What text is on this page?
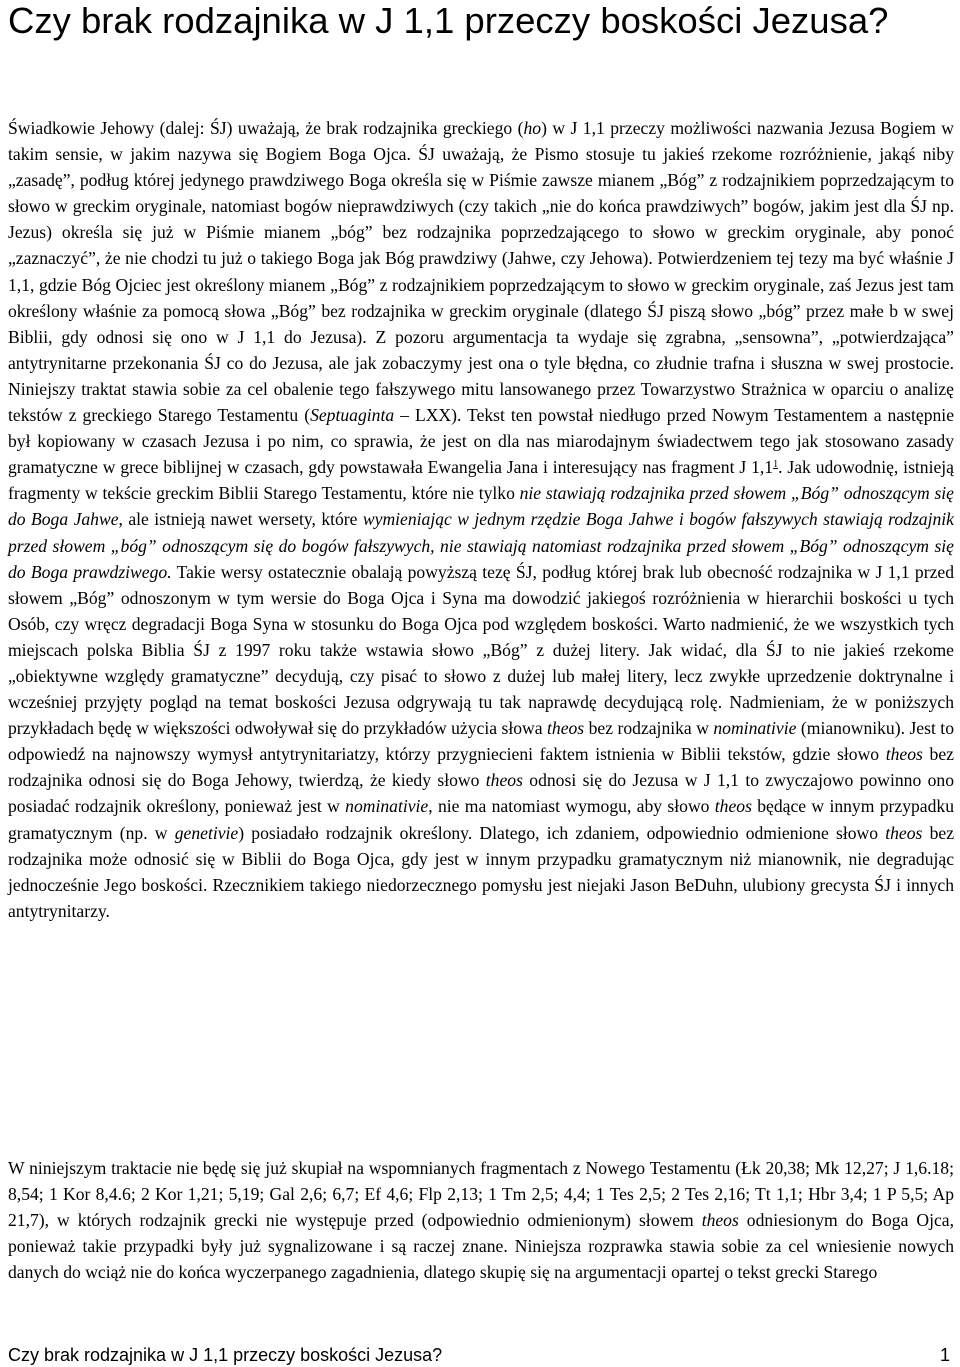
Czy brak rodzajnika w J 1,1 przeczy boskości Jezusa?

Świadkowie Jehowy (dalej: ŚJ) uważają, że brak rodzajnika greckiego (ho) w J 1,1 przeczy możliwości nazwania Jezusa Bogiem w takim sensie, w jakim nazywa się Bogiem Boga Ojca. ŚJ uważają, że Pismo stosuje tu jakieś rzekome rozróżnienie, jakąś niby „zasadę”, podług której jedynego prawdziwego Boga określa się w Piśmie zawsze mianem „Bóg” z rodzajnikiem poprzedzającym to słowo w greckim oryginale, natomiast bogów nieprawdziwych (czy takich „nie do końca prawdziwych” bogów, jakim jest dla ŚJ np. Jezus) określa się już w Piśmie mianem „bóg” bez rodzajnika poprzedzającego to słowo w greckim oryginale, aby ponoć „zaznaczyć”, że nie chodzi tu już o takiego Boga jak Bóg prawdziwy (Jahwe, czy Jehowa). Potwierdzeniem tej tezy ma być właśnie J 1,1, gdzie Bóg Ojciec jest określony mianem „Bóg” z rodzajnikiem poprzedzającym to słowo w greckim oryginale, zaś Jezus jest tam określony właśnie za pomocą słowa „Bóg” bez rodzajnika w greckim oryginale (dlatego ŚJ piszą słowo „bóg” przez małe b w swej Biblii, gdy odnosi się ono w J 1,1 do Jezusa). Z pozoru argumentacja ta wydaje się zgrabna, „sensowna”, „potwierdzająca” antytrynitarne przekonania ŚJ co do Jezusa, ale jak zobaczymy jest ona o tyle błędna, co złudnie trafna i słuszna w swej prostocie. Niniejszy traktat stawia sobie za cel obalenie tego fałszywego mitu lansowanego przez Towarzystwo Strażnica w oparciu o analizę tekstów z greckiego Starego Testamentu (Septuaginta – LXX). Tekst ten powstał niedługo przed Nowym Testamentem a następnie był kopiowany w czasach Jezusa i po nim, co sprawia, że jest on dla nas miarodajnym świadectwem tego jak stosowano zasady gramatyczne w grece biblijnej w czasach, gdy powstawała Ewangelia Jana i interesujący nas fragment J $1,1^1$. Jak udowodnię, istnieją fragmenty w tekście greckim Biblii Starego Testamentu, które nie tylko nie stawiają rodzajnika przed słowem „Bóg” odnoszącym się do Boga Jahwe, ale istnieją nawet wersety, które wymieniając w jednym rzędzie Boga Jahwe i bogów fałszywych stawiają rodzajnik przed słowem „bóg” odnoszącym się do bogów fałszywych, nie stawiają natomiast rodzajnika przed słowem „Bóg” odnoszącym się do Boga prawdziwego. Takie wersy ostatecznie obalają powyższą tezę ŚJ, podług której brak lub obecność rodzajnika w J 1,1 przed słowem „Bóg” odnoszonym w tym wersie do Boga Ojca i Syna ma dowodzić jakiegoś rozróżnienia w hierarchii boskości u tych Osób, czy wręcz degradacji Boga Syna w stosunku do Boga Ojca pod względem boskości. Warto nadmienić, że we wszystkich tych miejscach polska Biblia ŚJ z 1997 roku także wstawia słowo „Bóg” z dużej litery. Jak widać, dla ŚJ to nie jakieś rzekome „obiektywne względy gramatyczne” decydują, czy pisać to słowo z dużej lub małej litery, lecz zwykłe uprzedzenie doktrynalne i wcześniej przyjęty pogląd na temat boskości Jezusa odgrywają tu tak naprawdę decydującą rolę. Nadmieniam, że w poniższych przykładach będę w większości odwoływał się do przykładów użycia słowa theos bez rodzajnika w nominativie (mianowniku). Jest to odpowiedź na najnowszy wymysł antytrynitariatzy, którzy przygniecieni faktem istnienia w Biblii tekstów, gdzie słowo theos bez rodzajnika odnosi się do Boga Jehowy, twierdzą, że kiedy słowo theos odnosi się do Jezusa w J 1,1 to zwyczajowo powinno ono posiadać rodzajnik określony, ponieważ jest w nominativie, nie ma natomiast wymogu, aby słowo theos będące w innym przypadku gramatycznym (np. w genetivie) posiadało rodzajnik określony. Dlatego, ich zdaniem, odpowiednio odmienione słowo theos bez rodzajnika może odnosić się w Biblii do Boga Ojca, gdy jest w innym przypadku gramatycznym niż mianownik, nie degradując jednocześnie Jego boskości. Rzecznikiem takiego niedorzecznego pomysłu jest niejaki Jason BeDuhn, ulubiony grecysta ŚJ i innych antytrynitarzy.

W niniejszym traktacie nie będę się już skupiał na wspomnianych fragmentach z Nowego Testamentu (Łk 20,38; Mk 12,27; J 1,6.18; 8,54; 1 Kor 8,4.6; 2 Kor 1,21; 5,19; Gal 2,6; 6,7; Ef 4,6; Flp 2,13; 1 Tm 2,5; 4,4; 1 Tes 2,5; 2 Tes 2,16; Tt 1,1; Hbr 3,4; 1 P 5,5; Ap 21,7), w których rodzajnik grecki nie występuje przed (odpowiednio odmienionym) słowem theos odniesionym do Boga Ojca, ponieważ takie przypadki były już sygnalizowane i są raczej znane. Niniejsza rozprawka stawia sobie za cel wniesienie nowych danych do wciąż nie do końca wyczerpanego zagadnienia, dlatego skupię się na argumentacji opartej o tekst grecki Starego

Czy brak rodzajnika w J 1,1 przeczy boskości Jezusa?	1
